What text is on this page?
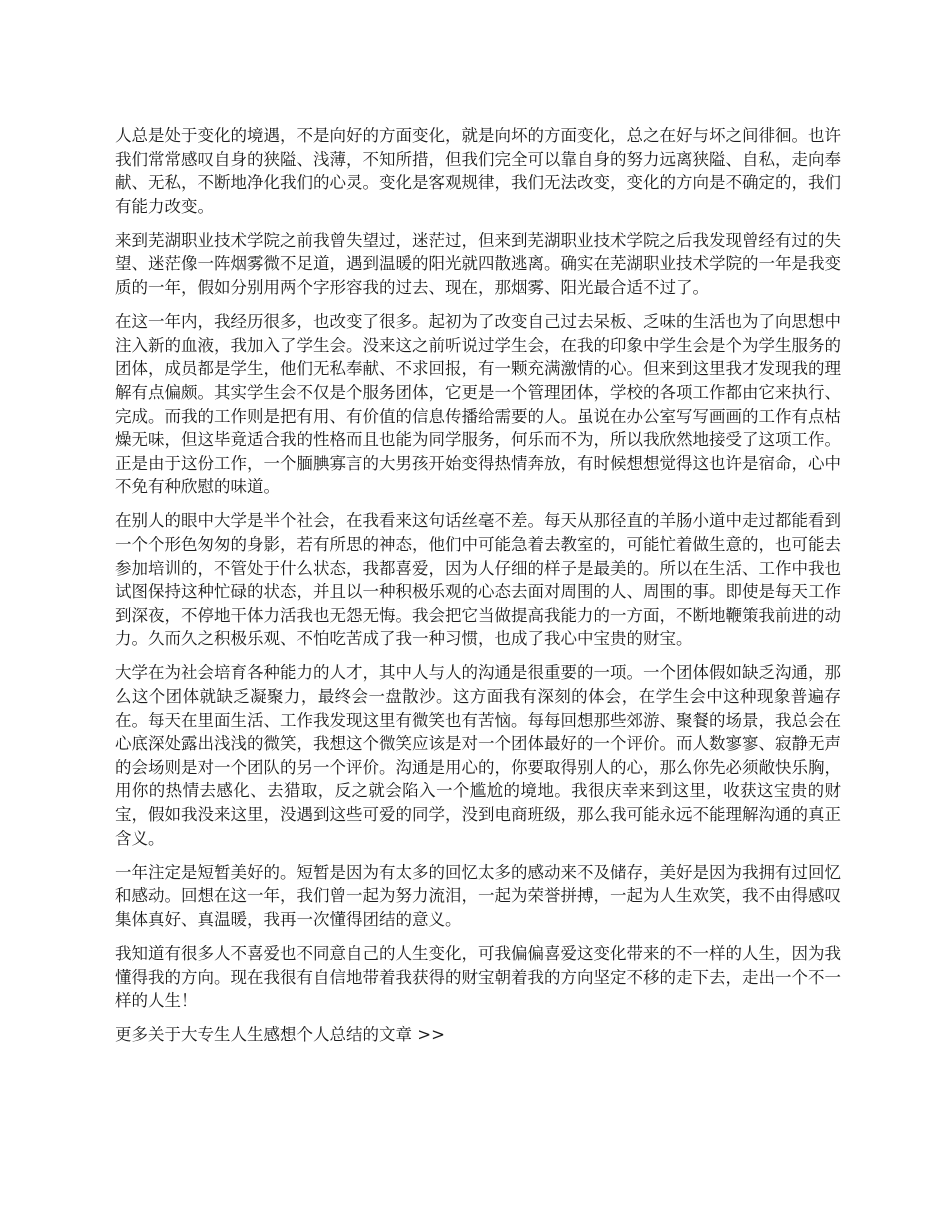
人总是处于变化的境遇，不是向好的方面变化，就是向坏的方面变化，总之在好与坏之间徘徊。也许我们常常感叹自身的狭隘、浅薄，不知所措，但我们完全可以靠自身的努力远离狭隘、自私，走向奉献、无私，不断地净化我们的心灵。变化是客观规律，我们无法改变，变化的方向是不确定的，我们有能力改变。

来到芜湖职业技术学院之前我曾失望过，迷茫过，但来到芜湖职业技术学院之后我发现曾经有过的失望、迷茫像一阵烟雾微不足道，遇到温暖的阳光就四散逃离。确实在芜湖职业技术学院的一年是我变质的一年，假如分别用两个字形容我的过去、现在，那烟雾、阳光最合适不过了。

在这一年内，我经历很多，也改变了很多。起初为了改变自己过去呆板、乏味的生活也为了向思想中注入新的血液，我加入了学生会。没来这之前听说过学生会，在我的印象中学生会是个为学生服务的团体，成员都是学生，他们无私奉献、不求回报，有一颗充满激情的心。但来到这里我才发现我的理解有点偏颇。其实学生会不仅是个服务团体，它更是一个管理团体，学校的各项工作都由它来执行、完成。而我的工作则是把有用、有价值的信息传播给需要的人。虽说在办公室写写画画的工作有点枯燥无味，但这毕竟适合我的性格而且也能为同学服务，何乐而不为，所以我欣然地接受了这项工作。正是由于这份工作，一个腼腆寡言的大男孩开始变得热情奔放，有时候想想觉得这也许是宿命，心中不免有种欣慰的味道。

在别人的眼中大学是半个社会，在我看来这句话丝毫不差。每天从那径直的羊肠小道中走过都能看到一个个形色匆匆的身影，若有所思的神态，他们中可能急着去教室的，可能忙着做生意的，也可能去参加培训的，不管处于什么状态，我都喜爱，因为人仔细的样子是最美的。所以在生活、工作中我也试图保持这种忙碌的状态，并且以一种积极乐观的心态去面对周围的人、周围的事。即使是每天工作到深夜，不停地干体力活我也无怨无悔。我会把它当做提高我能力的一方面，不断地鞭策我前进的动力。久而久之积极乐观、不怕吃苦成了我一种习惯，也成了我心中宝贵的财宝。

大学在为社会培育各种能力的人才，其中人与人的沟通是很重要的一项。一个团体假如缺乏沟通，那么这个团体就缺乏凝聚力，最终会一盘散沙。这方面我有深刻的体会，在学生会中这种现象普遍存在。每天在里面生活、工作我发现这里有微笑也有苦恼。每每回想那些郊游、聚餐的场景，我总会在心底深处露出浅浅的微笑，我想这个微笑应该是对一个团体最好的一个评价。而人数寥寥、寂静无声的会场则是对一个团队的另一个评价。沟通是用心的，你要取得别人的心，那么你先必须敞快乐胸，用你的热情去感化、去猎取，反之就会陷入一个尴尬的境地。我很庆幸来到这里，收获这宝贵的财宝，假如我没来这里，没遇到这些可爱的同学，没到电商班级，那么我可能永远不能理解沟通的真正含义。

一年注定是短暂美好的。短暂是因为有太多的回忆太多的感动来不及储存，美好是因为我拥有过回忆和感动。回想在这一年，我们曾一起为努力流泪，一起为荣誉拼搏，一起为人生欢笑，我不由得感叹集体真好、真温暖，我再一次懂得团结的意义。

我知道有很多人不喜爱也不同意自己的人生变化，可我偏偏喜爱这变化带来的不一样的人生，因为我懂得我的方向。现在我很有自信地带着我获得的财宝朝着我的方向坚定不移的走下去，走出一个不一样的人生！

更多关于大专生人生感想个人总结的文章 >>
